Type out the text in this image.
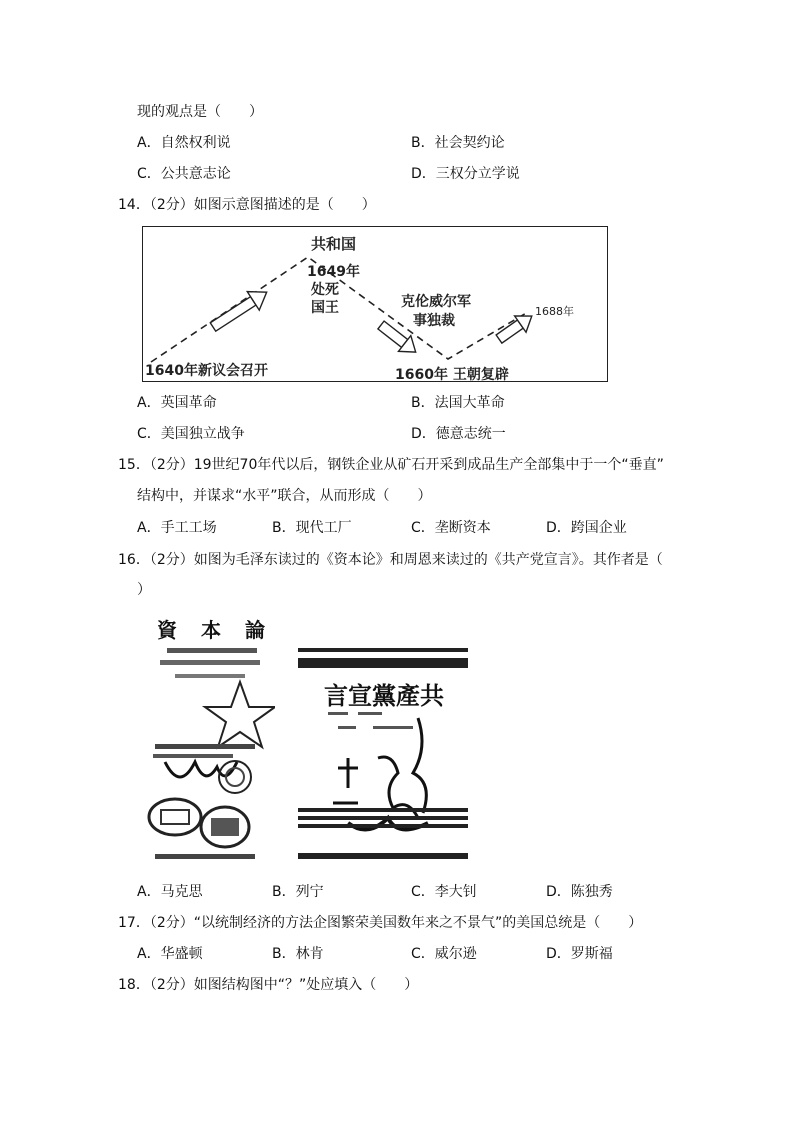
现的观点是（　　）
A．自然权利说	B．社会契约论
C．公共意志论	D．三权分立学说
14．（2分）如图示意图描述的是（　　）
共和国
1649年
处死
国王	克伦威尔军
事独裁
1688年
1640年新议会召开	1660年 王朝复辟
A．英国革命	B．法国大革命
C．美国独立战争	D．德意志统一
15．（2分）19世纪70年代以后，钢铁企业从矿石开采到成品生产全部集中于一个“垂直”
结构中，并谋求“水平”联合，从而形成（　　）
A．手工工场	B．现代工厂	C．垄断资本	D．跨国企业
16．（2分）如图为毛泽东读过的《资本论》和周恩来读过的《共产党宣言》。其作者是（
）
資　本　論
言宣黨產共
A．马克思	B．列宁	C．李大钊	D．陈独秀
17．（2分）“以统制经济的方法企图繁荣美国数年来之不景气”的美国总统是（　　）
A．华盛顿	B．林肯	C．威尔逊	D．罗斯福
18．（2分）如图结构图中“？”处应填入（　　）
